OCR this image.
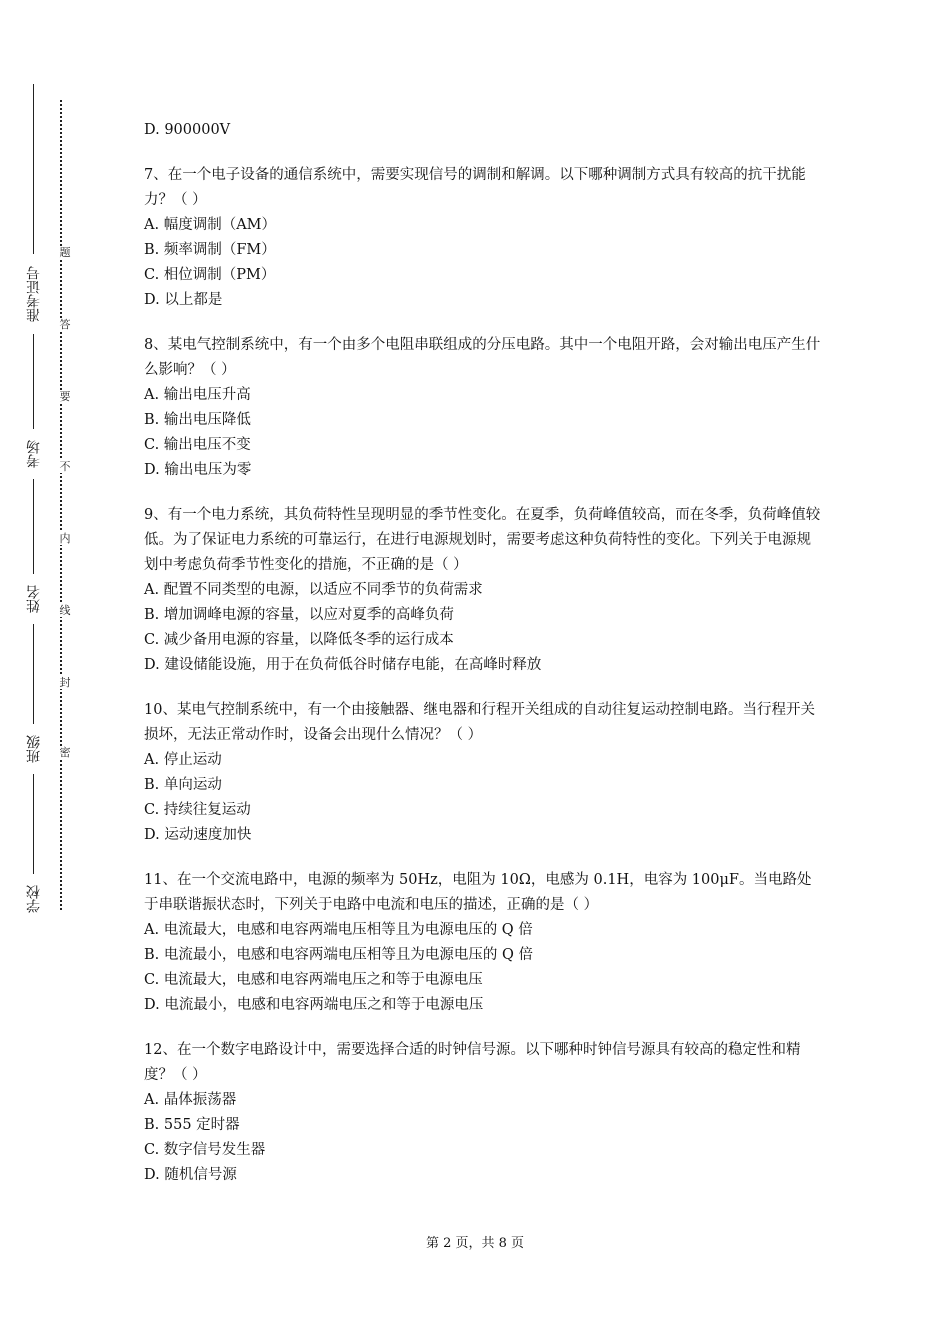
准考证号
考场
姓名
班级
学校
题
答
要
不
内
线
封
密

D. 900000V

7、在一个电子设备的通信系统中，需要实现信号的调制和解调。以下哪种调制方式具有较高的抗干扰能力？（ ）

A. 幅度调制（AM）

B. 频率调制（FM）

C. 相位调制（PM）

D. 以上都是

8、某电气控制系统中，有一个由多个电阻串联组成的分压电路。其中一个电阻开路，会对输出电压产生什么影响？（ ）

A. 输出电压升高

B. 输出电压降低

C. 输出电压不变

D. 输出电压为零

9、有一个电力系统，其负荷特性呈现明显的季节性变化。在夏季，负荷峰值较高，而在冬季，负荷峰值较低。为了保证电力系统的可靠运行，在进行电源规划时，需要考虑这种负荷特性的变化。下列关于电源规划中考虑负荷季节性变化的措施，不正确的是（ ）

A. 配置不同类型的电源，以适应不同季节的负荷需求

B. 增加调峰电源的容量，以应对夏季的高峰负荷

C. 减少备用电源的容量，以降低冬季的运行成本

D. 建设储能设施，用于在负荷低谷时储存电能，在高峰时释放

10、某电气控制系统中，有一个由接触器、继电器和行程开关组成的自动往复运动控制电路。当行程开关损坏，无法正常动作时，设备会出现什么情况？（ ）

A. 停止运动

B. 单向运动

C. 持续往复运动

D. 运动速度加快

11、在一个交流电路中，电源的频率为 50Hz，电阻为 10Ω，电感为 0.1H，电容为 100μF。当电路处于串联谐振状态时，下列关于电路中电流和电压的描述，正确的是（ ）

A. 电流最大，电感和电容两端电压相等且为电源电压的 Q 倍

B. 电流最小，电感和电容两端电压相等且为电源电压的 Q 倍

C. 电流最大，电感和电容两端电压之和等于电源电压

D. 电流最小，电感和电容两端电压之和等于电源电压

12、在一个数字电路设计中，需要选择合适的时钟信号源。以下哪种时钟信号源具有较高的稳定性和精度？（ ）

A. 晶体振荡器

B. 555 定时器

C. 数字信号发生器

D. 随机信号源

第 2 页，共 8 页
